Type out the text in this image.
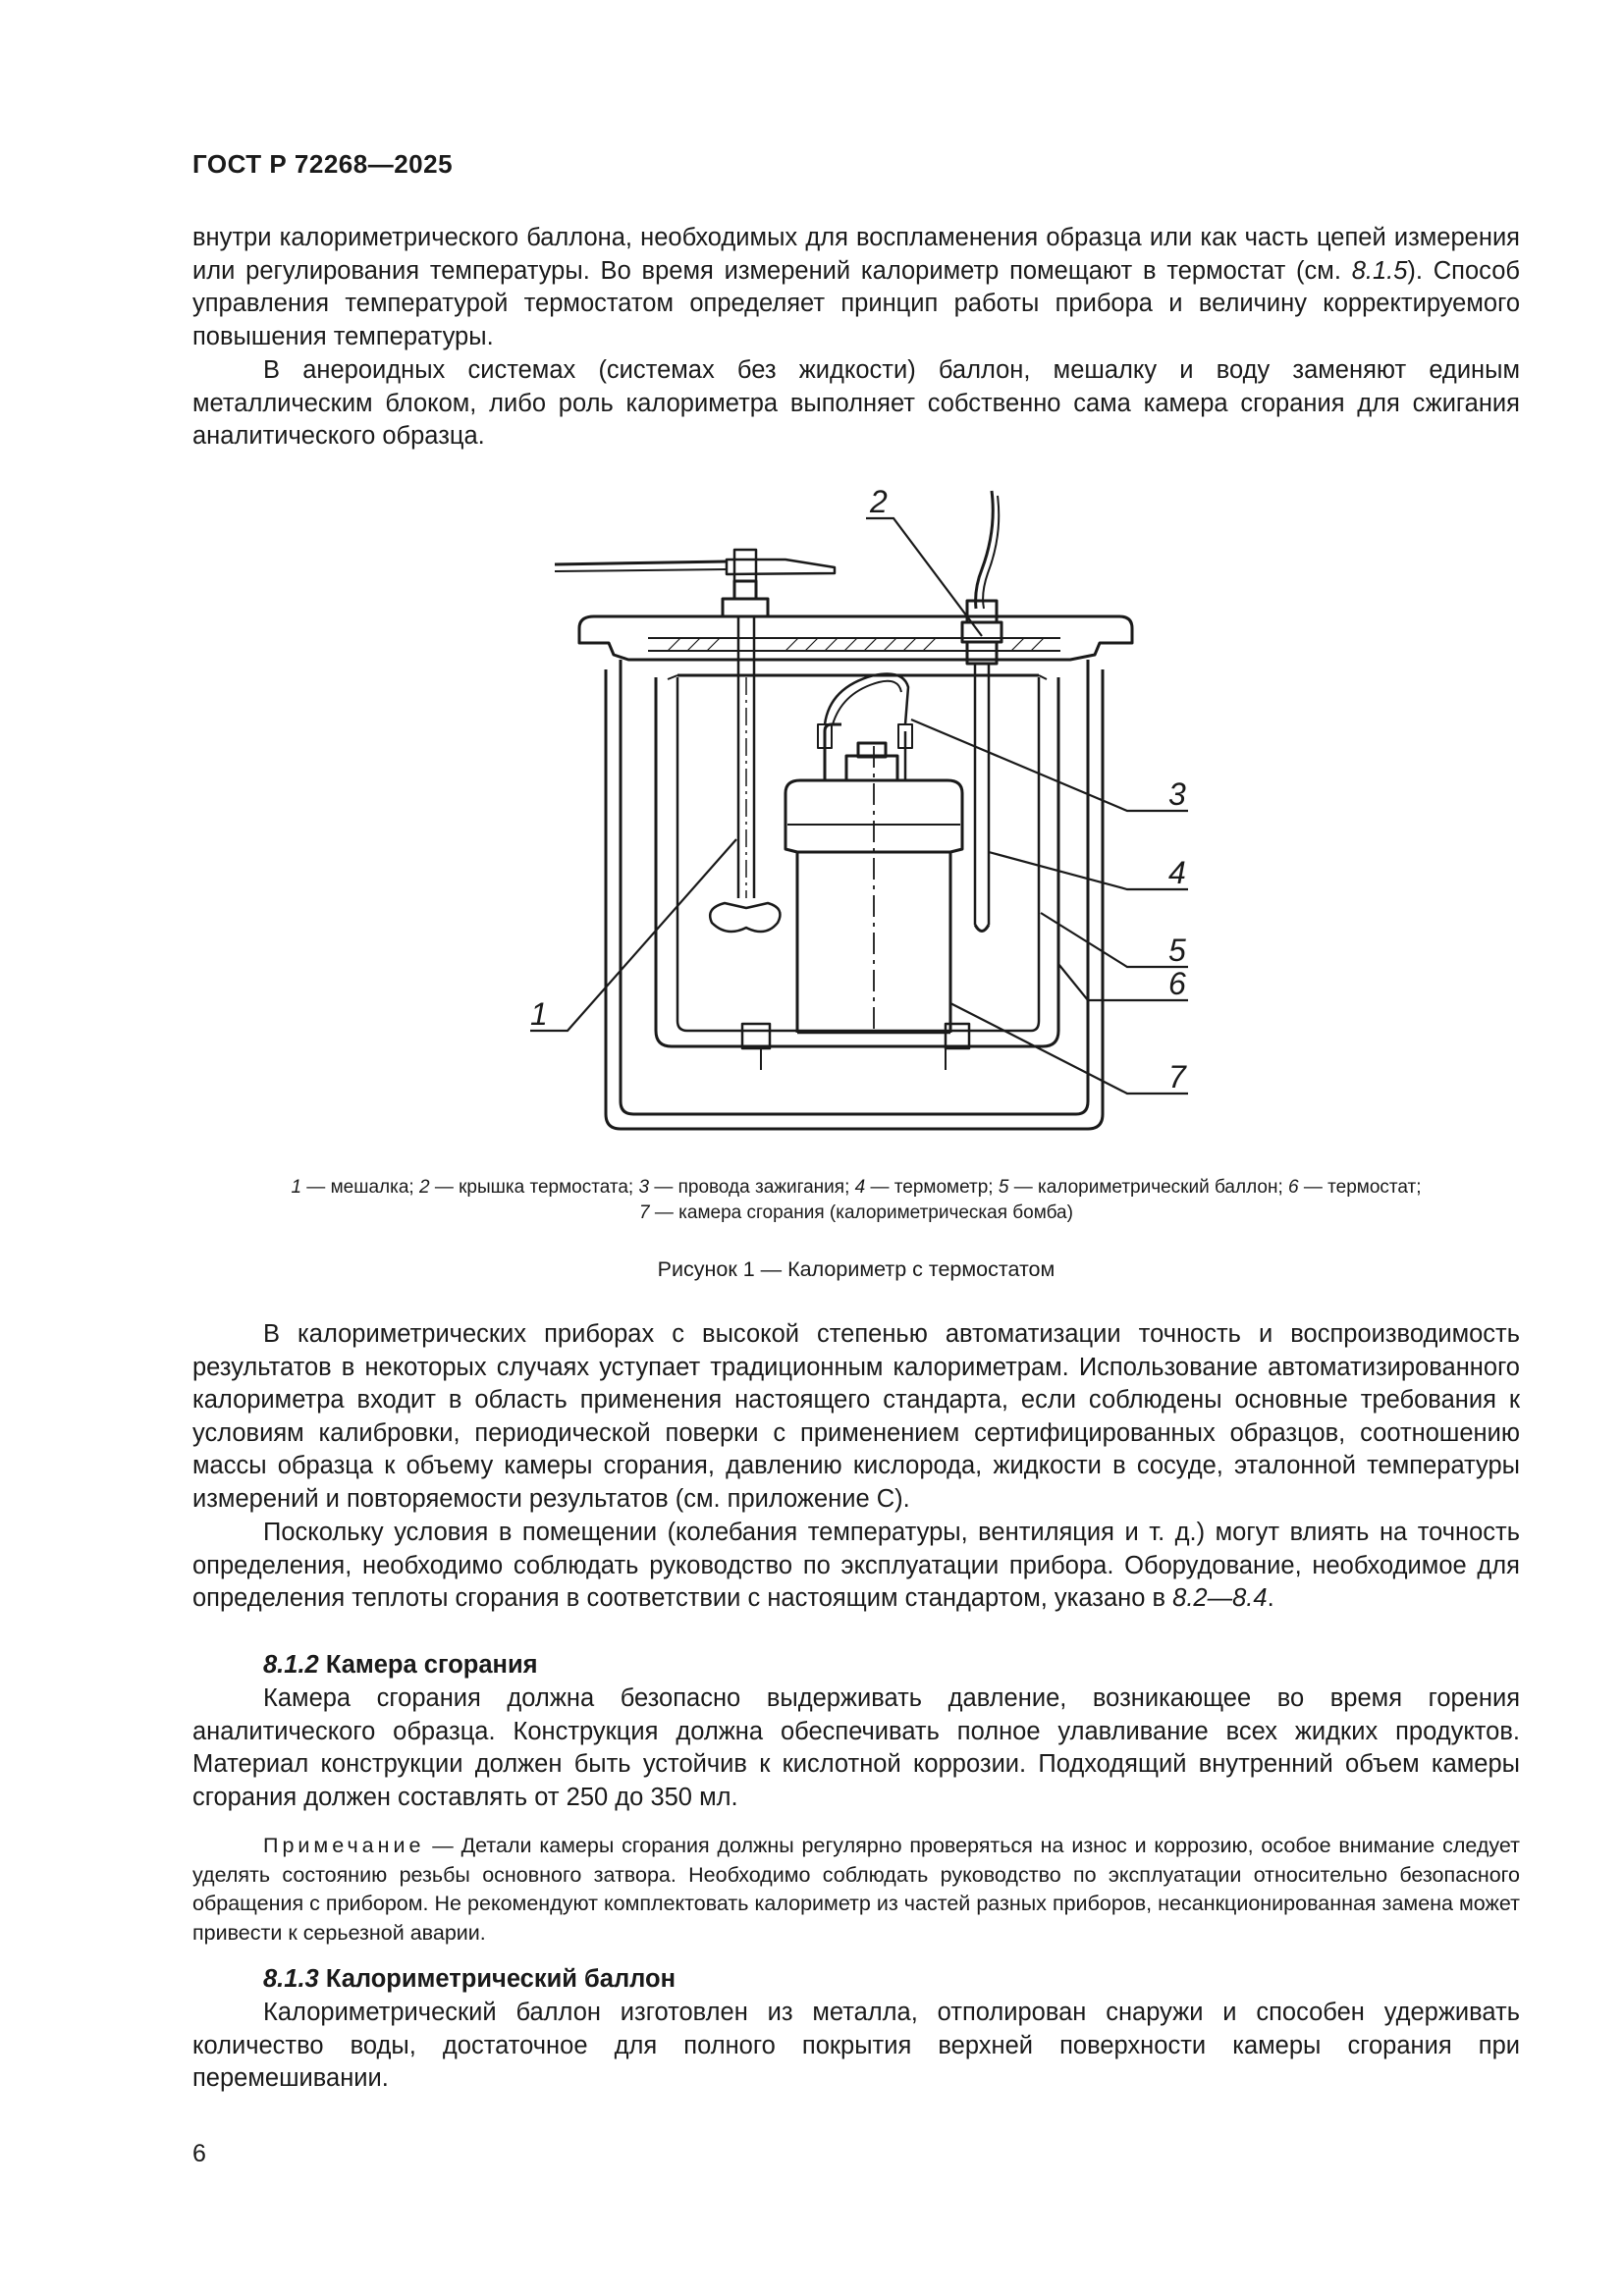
ГОСТ Р 72268—2025

внутри калориметрического баллона, необходимых для воспламенения образца или как часть цепей измерения или регулирования температуры. Во время измерений калориметр помещают в термостат (см. 8.1.5). Способ управления температурой термостатом определяет принцип работы прибора и величину корректируемого повышения температуры.

В анероидных системах (системах без жидкости) баллон, мешалку и воду заменяют единым металлическим блоком, либо роль калориметра выполняет собственно сама камера сгорания для сжигания аналитического образца.

1
2
3
4
5
6
7

1 — мешалка; 2 — крышка термостата; 3 — провода зажигания; 4 — термометр; 5 — калориметрический баллон; 6 — термостат;

7 — камера сгорания (калориметрическая бомба)

Рисунок 1 — Калориметр с термостатом

В калориметрических приборах с высокой степенью автоматизации точность и воспроизводимость результатов в некоторых случаях уступает традиционным калориметрам. Использование автоматизированного калориметра входит в область применения настоящего стандарта, если соблюдены основные требования к условиям калибровки, периодической поверки с применением сертифицированных образцов, соотношению массы образца к объему камеры сгорания, давлению кислорода, жидкости в сосуде, эталонной температуры измерений и повторяемости результатов (см. приложение С).

Поскольку условия в помещении (колебания температуры, вентиляция и т. д.) могут влиять на точность определения, необходимо соблюдать руководство по эксплуатации прибора. Оборудование, необходимое для определения теплоты сгорания в соответствии с настоящим стандартом, указано в 8.2—8.4.

8.1.2 Камера сгорания

Камера сгорания должна безопасно выдерживать давление, возникающее во время горения аналитического образца. Конструкция должна обеспечивать полное улавливание всех жидких продуктов. Материал конструкции должен быть устойчив к кислотной коррозии. Подходящий внутренний объем камеры сгорания должен составлять от 250 до 350 мл.

Примечание — Детали камеры сгорания должны регулярно проверяться на износ и коррозию, особое внимание следует уделять состоянию резьбы основного затвора. Необходимо соблюдать руководство по эксплуатации относительно безопасного обращения с прибором. Не рекомендуют комплектовать калориметр из частей разных приборов, несанкционированная замена может привести к серьезной аварии.

8.1.3 Калориметрический баллон

Калориметрический баллон изготовлен из металла, отполирован снаружи и способен удерживать количество воды, достаточное для полного покрытия верхней поверхности камеры сгорания при перемешивании.

6
